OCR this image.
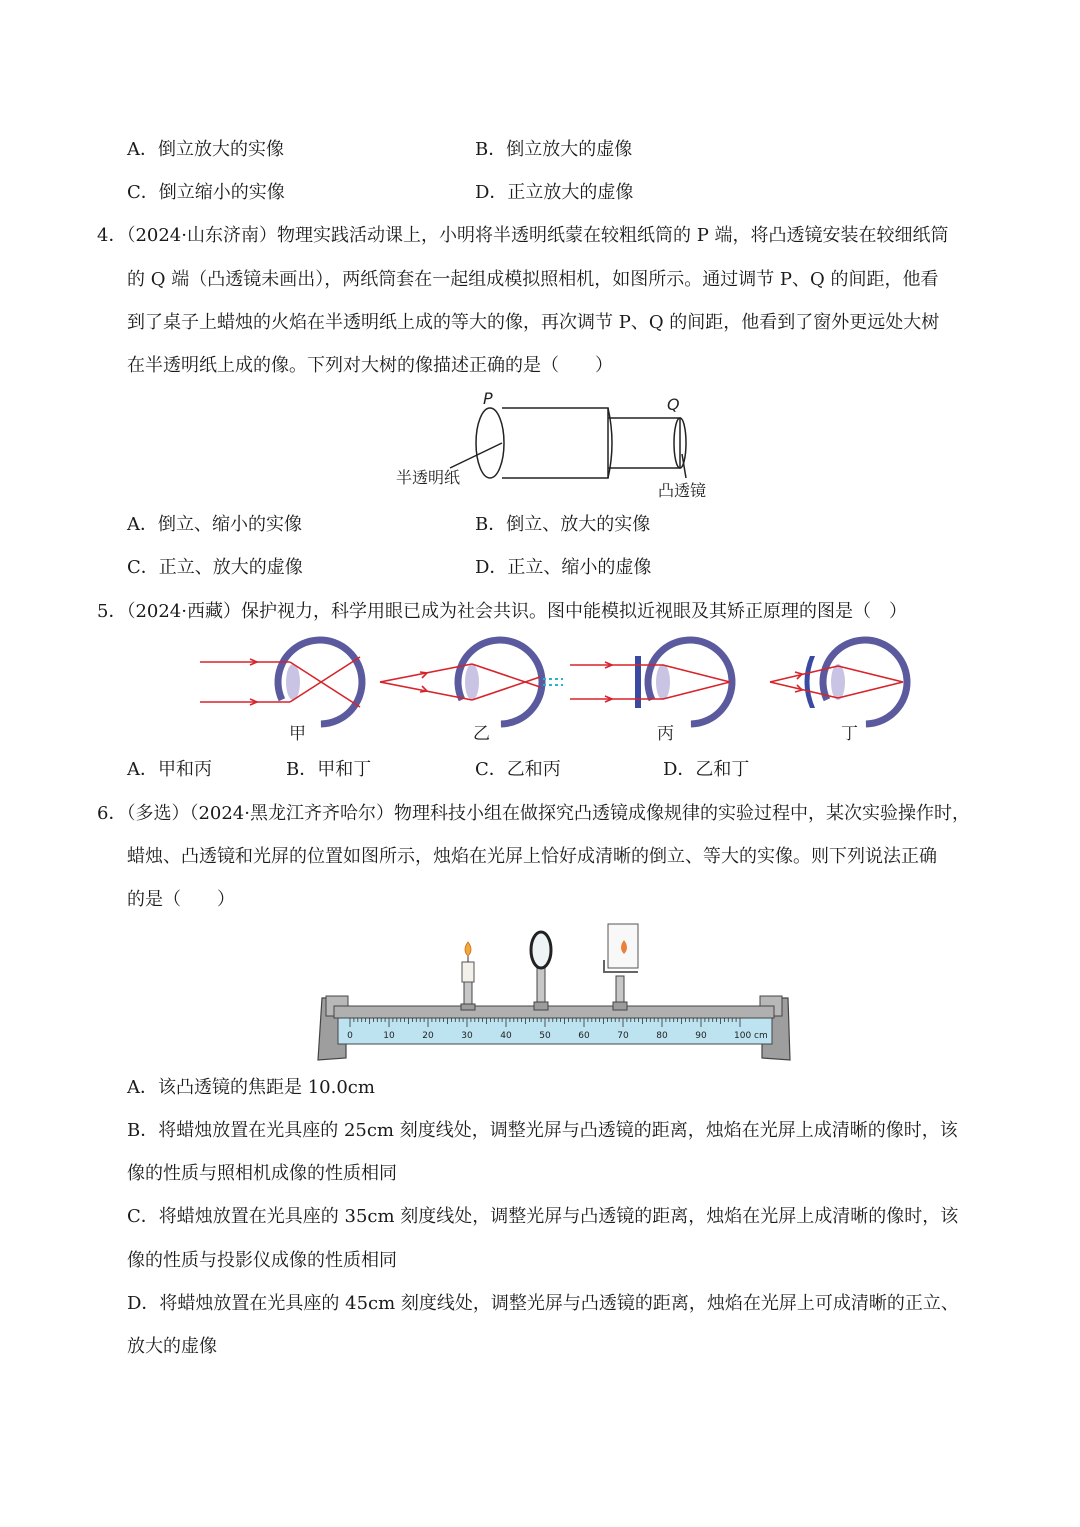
A．倒立放大的实像	B．倒立放大的虚像
C．倒立缩小的实像	D．正立放大的虚像
4．（2024·山东济南）物理实践活动课上，小明将半透明纸蒙在较粗纸筒的 P 端，将凸透镜安装在较细纸筒
的 Q 端（凸透镜未画出），两纸筒套在一起组成模拟照相机，如图所示。通过调节 P、Q 的间距，他看
到了桌子上蜡烛的火焰在半透明纸上成的等大的像，再次调节 P、Q 的间距，他看到了窗外更远处大树
在半透明纸上成的像。下列对大树的像描述正确的是（　　）
P	Q
半透明纸
凸透镜
A．倒立、缩小的实像	B．倒立、放大的实像
C．正立、放大的虚像	D．正立、缩小的虚像
5．（2024·西藏）保护视力，科学用眼已成为社会共识。图中能模拟近视眼及其矫正原理的图是（　）
甲	乙	丙	丁
A．甲和丙	B．甲和丁	C．乙和丙	D．乙和丁
6．（多选）（2024·黑龙江齐齐哈尔）物理科技小组在做探究凸透镜成像规律的实验过程中，某次实验操作时，
蜡烛、凸透镜和光屏的位置如图所示，烛焰在光屏上恰好成清晰的倒立、等大的实像。则下列说法正确
的是（　　）
0	10	20	30	40	50	60	70	80	90	100 cm
A．该凸透镜的焦距是 10.0cm
B．将蜡烛放置在光具座的 25cm 刻度线处，调整光屏与凸透镜的距离，烛焰在光屏上成清晰的像时，该
像的性质与照相机成像的性质相同
C．将蜡烛放置在光具座的 35cm 刻度线处，调整光屏与凸透镜的距离，烛焰在光屏上成清晰的像时，该
像的性质与投影仪成像的性质相同
D．将蜡烛放置在光具座的 45cm 刻度线处，调整光屏与凸透镜的距离，烛焰在光屏上可成清晰的正立、
放大的虚像
